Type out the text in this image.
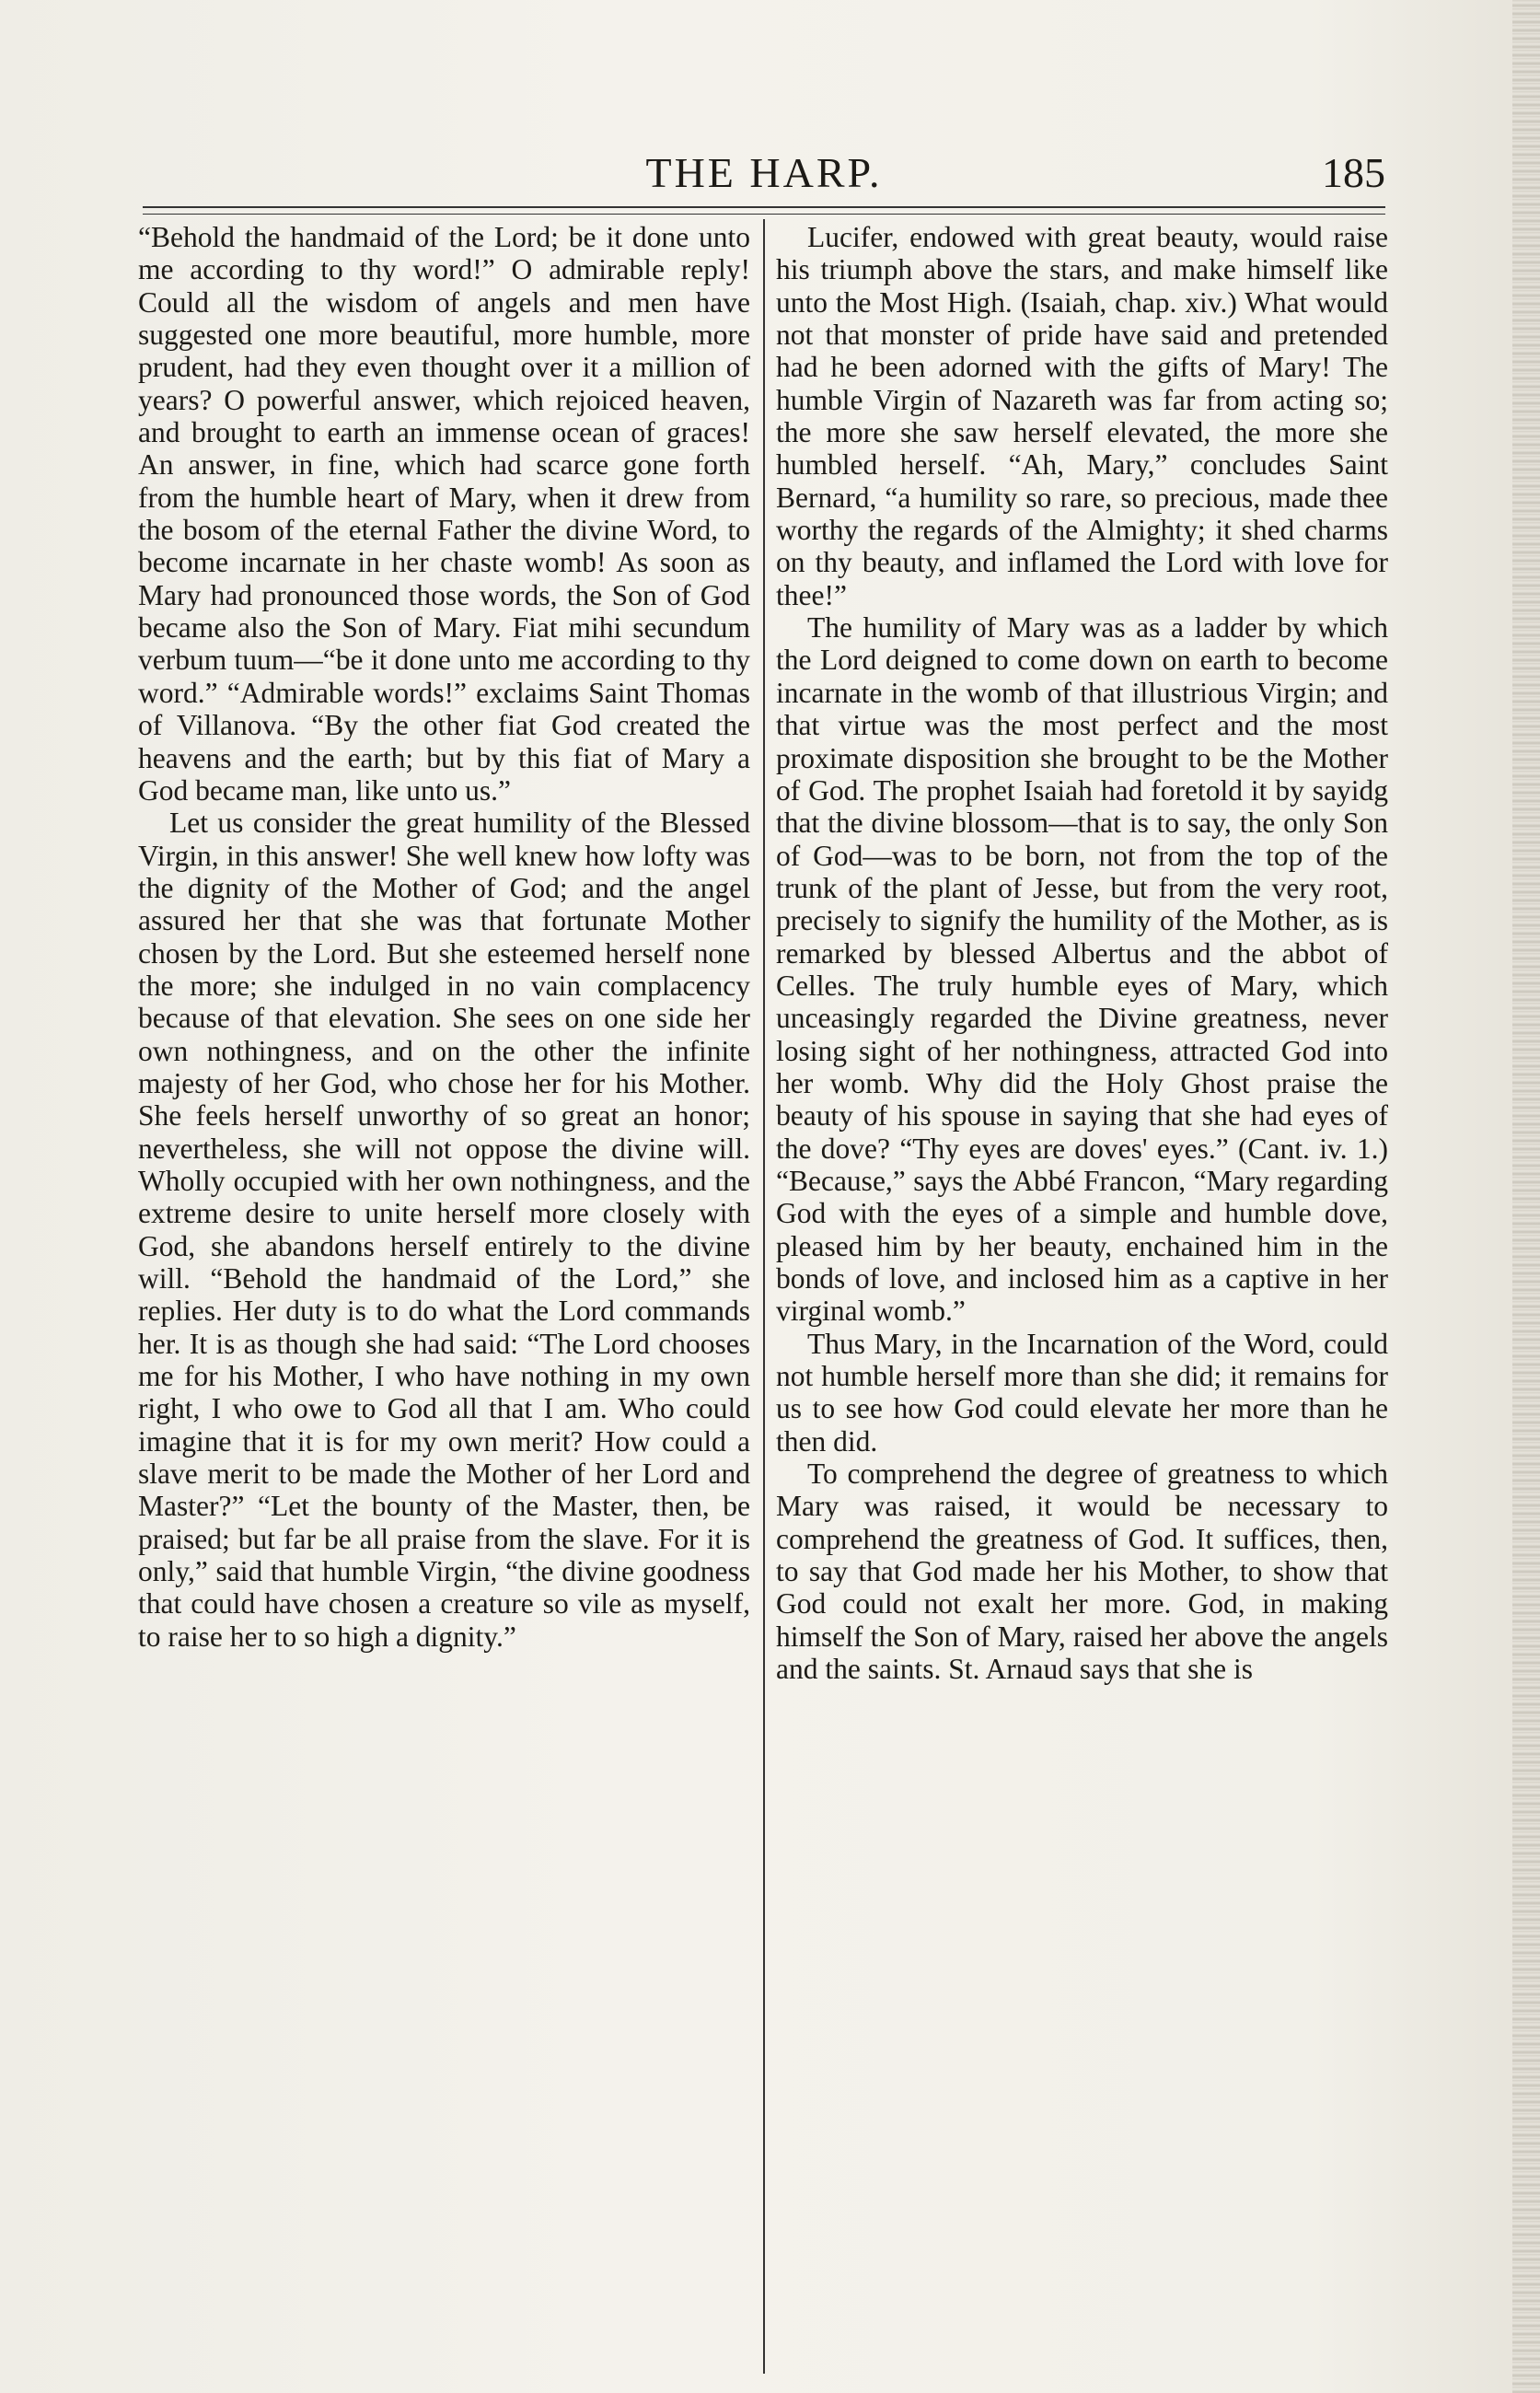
THE HARP.	185

“Behold the handmaid of the Lord; be it done unto me according to thy word!” O admirable reply! Could all the wisdom of angels and men have suggested one more beautiful, more humble, more prudent, had they even thought over it a million of years? O powerful answer, which rejoiced heaven, and brought to earth an immense ocean of graces! An answer, in fine, which had scarce gone forth from the humble heart of Mary, when it drew from the bosom of the eternal Father the divine Word, to become incarnate in her chaste womb! As soon as Mary had pronounced those words, the Son of God became also the Son of Mary. Fiat mihi secundum verbum tuum—“be it done unto me according to thy word.” “Admirable words!” exclaims Saint Thomas of Villanova. “By the other fiat God created the heavens and the earth; but by this fiat of Mary a God became man, like unto us.”

Let us consider the great humility of the Blessed Virgin, in this answer! She well knew how lofty was the dignity of the Mother of God; and the angel assured her that she was that fortunate Mother chosen by the Lord. But she esteemed herself none the more; she indulged in no vain complacency because of that elevation. She sees on one side her own nothingness, and on the other the infinite majesty of her God, who chose her for his Mother. She feels herself unworthy of so great an honor; nevertheless, she will not oppose the divine will. Wholly occupied with her own nothingness, and the extreme desire to unite herself more closely with God, she abandons herself entirely to the divine will. “Behold the handmaid of the Lord,” she replies. Her duty is to do what the Lord commands her. It is as though she had said: “The Lord chooses me for his Mother, I who have nothing in my own right, I who owe to God all that I am. Who could imagine that it is for my own merit? How could a slave merit to be made the Mother of her Lord and Master?” “Let the bounty of the Master, then, be praised; but far be all praise from the slave. For it is only,” said that humble Virgin, “the divine goodness that could have chosen a creature so vile as myself, to raise her to so high a dignity.”

Lucifer, endowed with great beauty, would raise his triumph above the stars, and make himself like unto the Most High. (Isaiah, chap. xiv.) What would not that monster of pride have said and pretended had he been adorned with the gifts of Mary! The humble Virgin of Nazareth was far from acting so; the more she saw herself elevated, the more she humbled herself. “Ah, Mary,” concludes Saint Bernard, “a humility so rare, so precious, made thee worthy the regards of the Almighty; it shed charms on thy beauty, and inflamed the Lord with love for thee!”

The humility of Mary was as a ladder by which the Lord deigned to come down on earth to become incarnate in the womb of that illustrious Virgin; and that virtue was the most perfect and the most proximate disposition she brought to be the Mother of God. The prophet Isaiah had foretold it by sayidg that the divine blossom—that is to say, the only Son of God—was to be born, not from the top of the trunk of the plant of Jesse, but from the very root, precisely to signify the humility of the Mother, as is remarked by blessed Albertus and the abbot of Celles. The truly humble eyes of Mary, which unceasingly regarded the Divine greatness, never losing sight of her nothingness, attracted God into her womb. Why did the Holy Ghost praise the beauty of his spouse in saying that she had eyes of the dove? “Thy eyes are doves' eyes.” (Cant. iv. 1.) “Because,” says the Abbé Francon, “Mary regarding God with the eyes of a simple and humble dove, pleased him by her beauty, enchained him in the bonds of love, and inclosed him as a captive in her virginal womb.”

Thus Mary, in the Incarnation of the Word, could not humble herself more than she did; it remains for us to see how God could elevate her more than he then did.

To comprehend the degree of greatness to which Mary was raised, it would be necessary to comprehend the greatness of God. It suffices, then, to say that God made her his Mother, to show that God could not exalt her more. God, in making himself the Son of Mary, raised her above the angels and the saints. St. Arnaud says that she is
